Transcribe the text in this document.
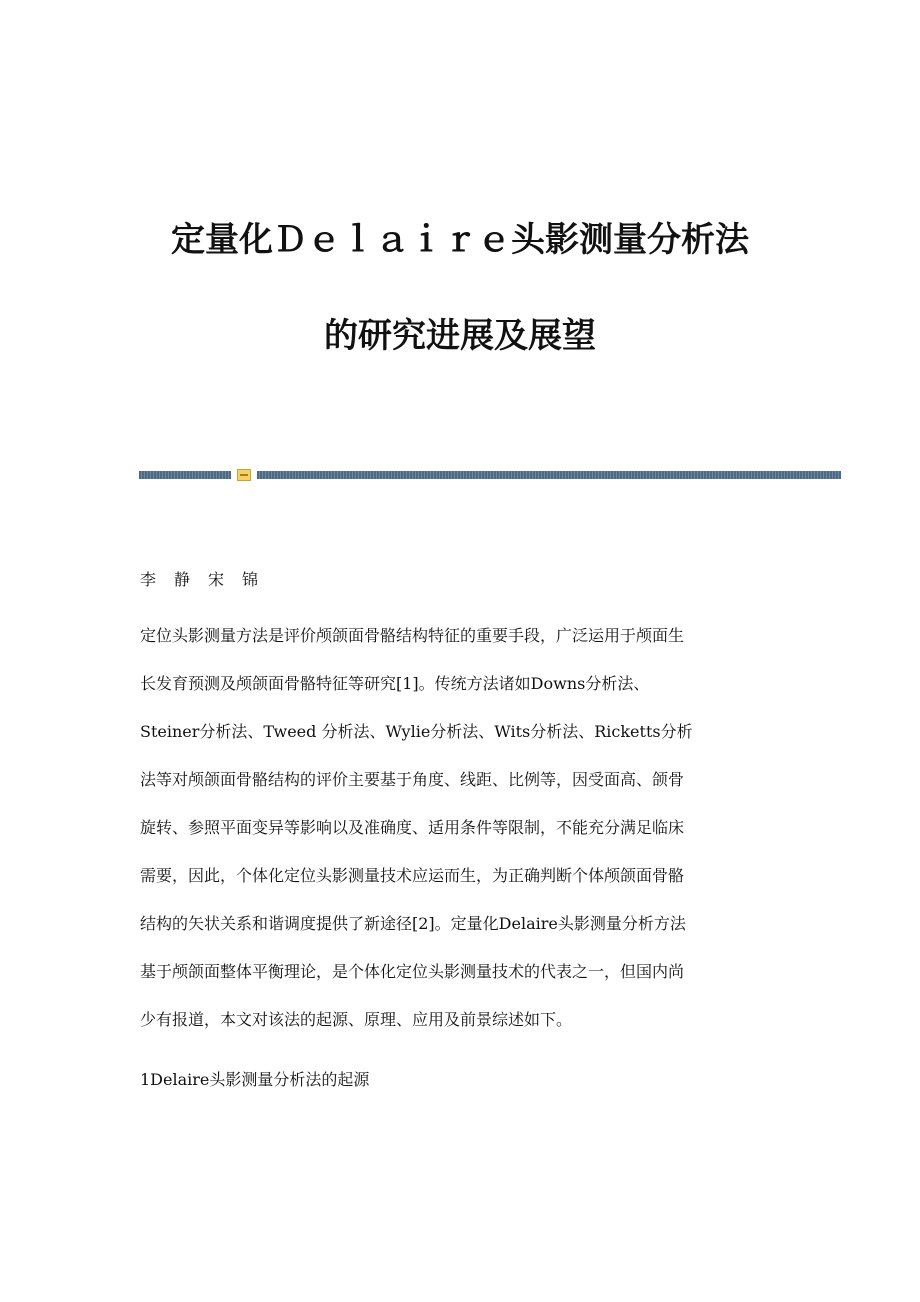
定量化Ｄｅｌａｉｒｅ头影测量分析法
的研究进展及展望
李 静 宋 锦
定位头影测量方法是评价颅颌面骨骼结构特征的重要手段，广泛运用于颅面生
长发育预测及颅颌面骨骼特征等研究[1]。传统方法诸如Downs分析法、
Steiner分析法、Tweed 分析法、Wylie分析法、Wits分析法、Ricketts分析
法等对颅颌面骨骼结构的评价主要基于角度、线距、比例等，因受面高、颌骨
旋转、参照平面变异等影响以及准确度、适用条件等限制，不能充分满足临床
需要，因此，个体化定位头影测量技术应运而生，为正确判断个体颅颌面骨骼
结构的矢状关系和谐调度提供了新途径[2]。定量化Delaire头影测量分析方法
基于颅颌面整体平衡理论，是个体化定位头影测量技术的代表之一，但国内尚
少有报道，本文对该法的起源、原理、应用及前景综述如下。
1Delaire头影测量分析法的起源
